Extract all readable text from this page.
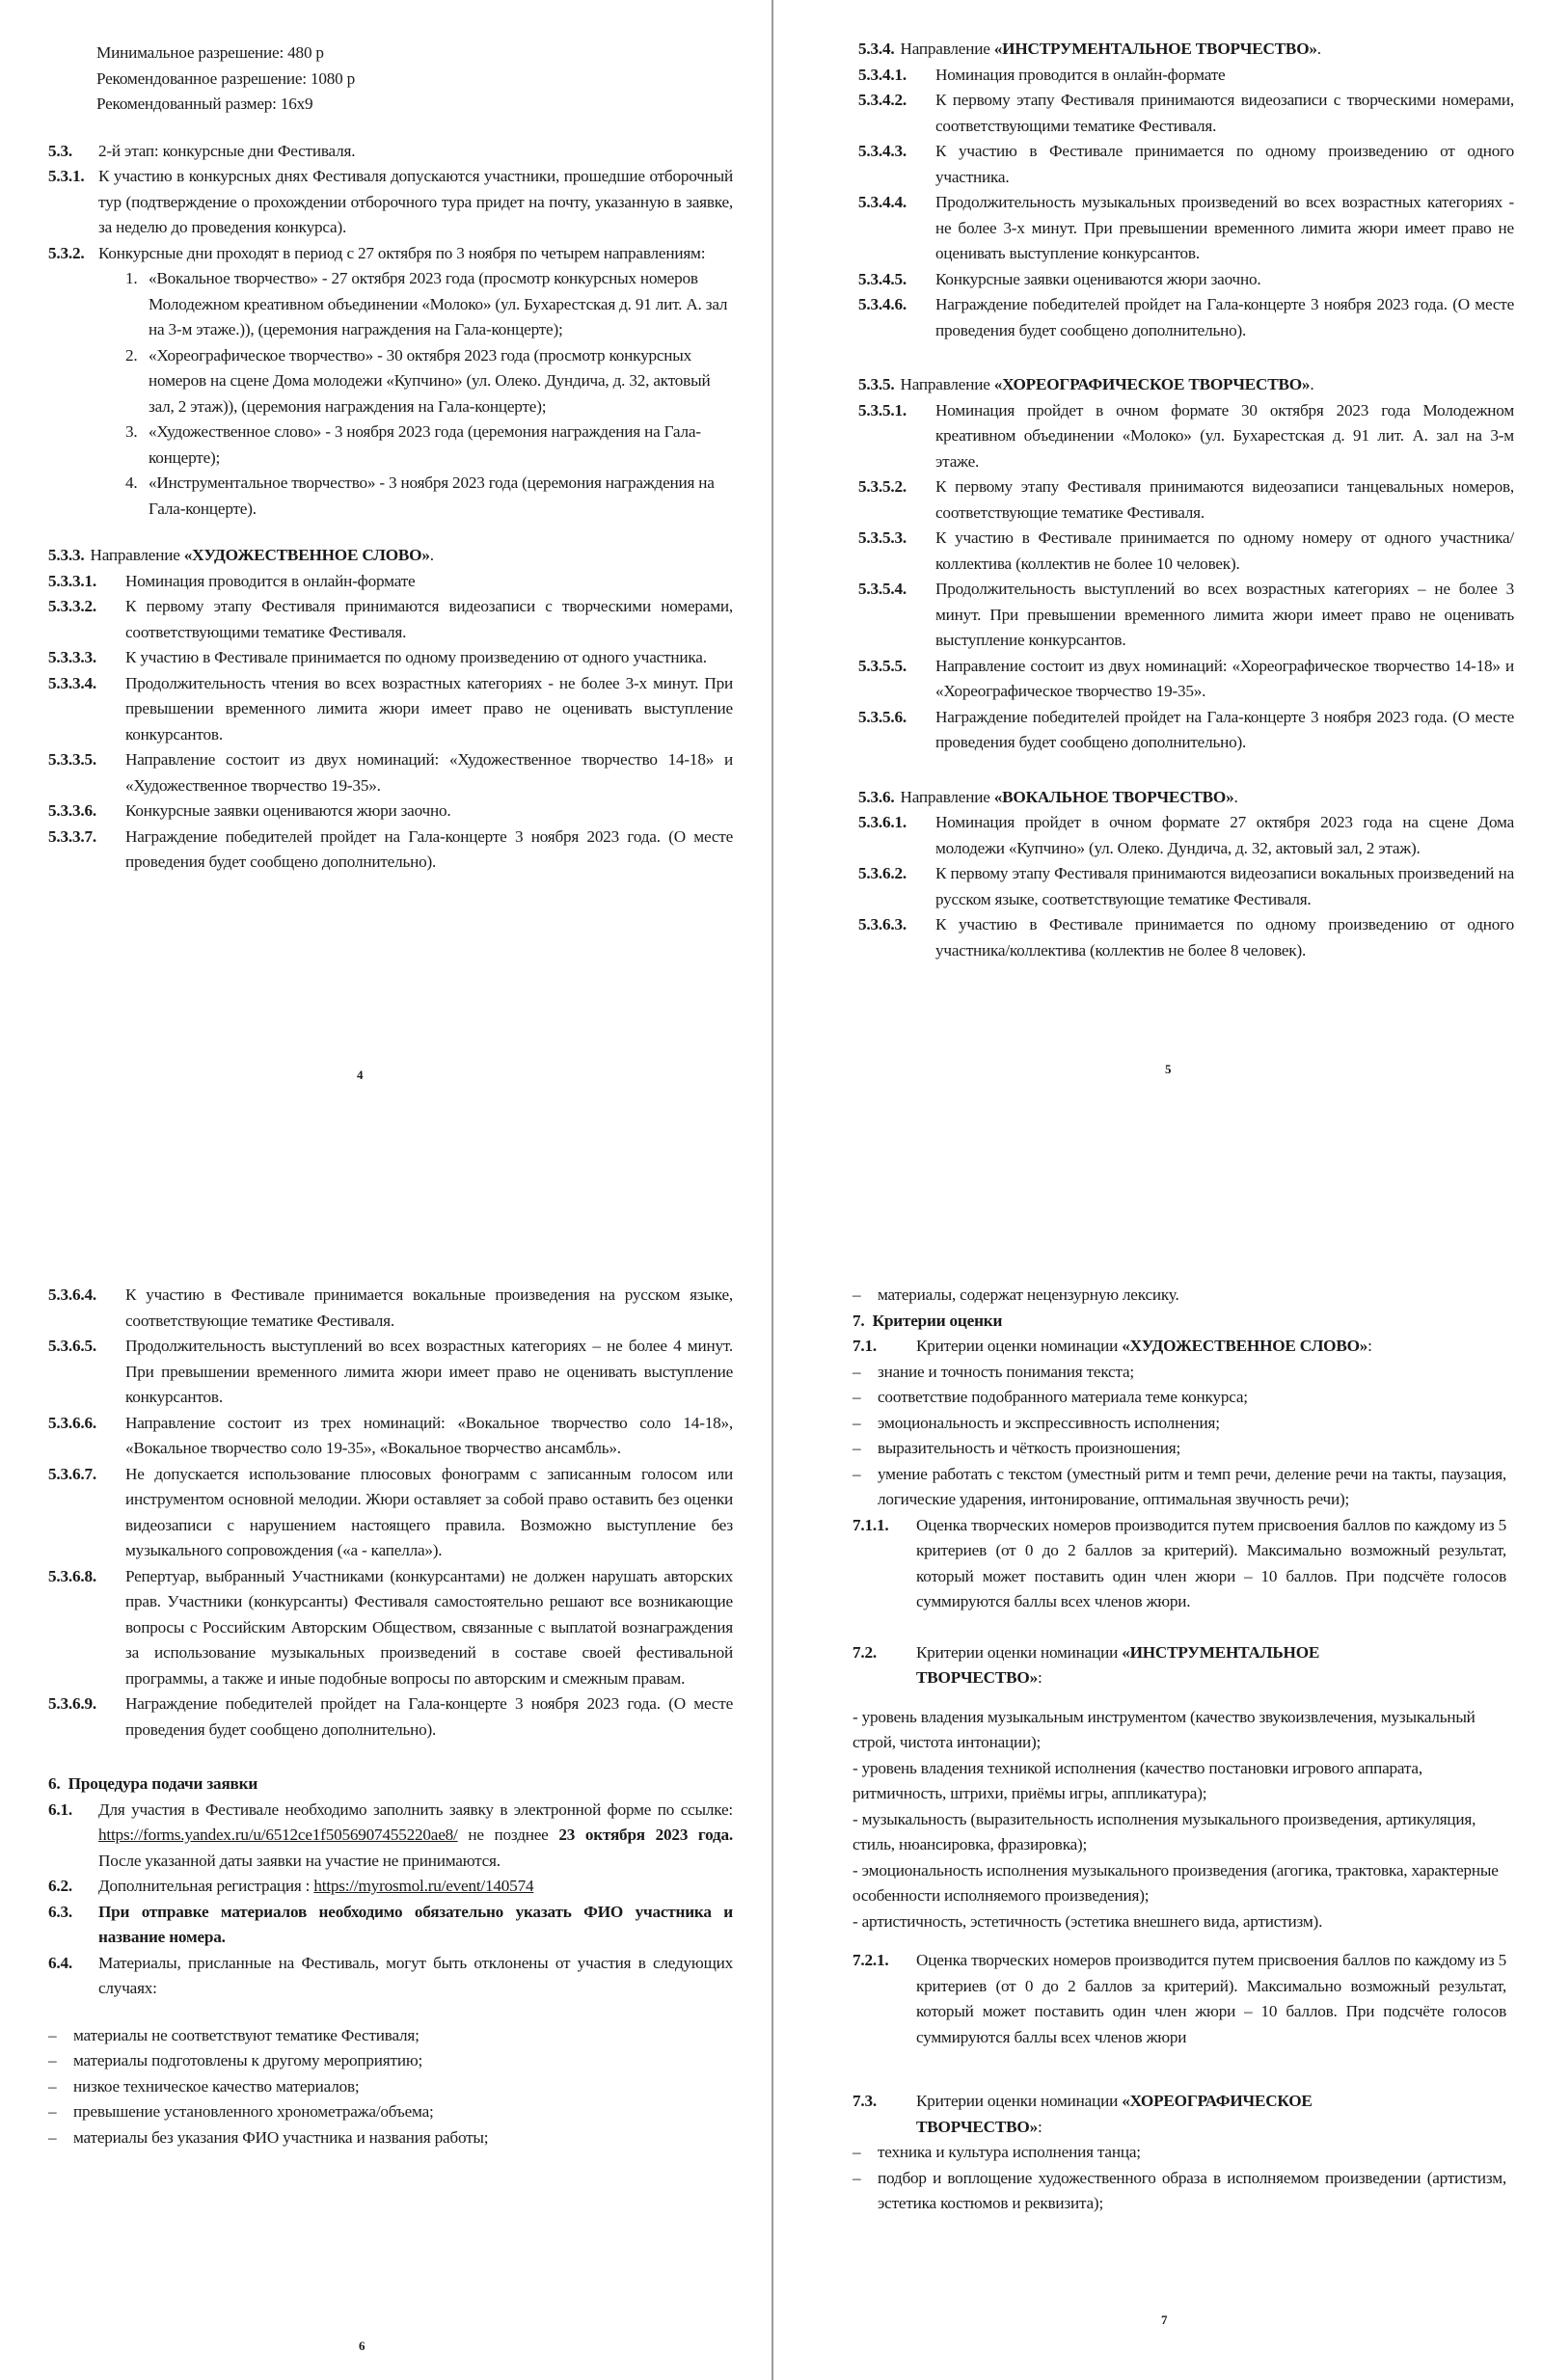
Минимальное разрешение: 480 р
Рекомендованное разрешение: 1080 р
Рекомендованный размер: 16х9
5.3.	2-й этап: конкурсные дни Фестиваля.
5.3.1. К участию в конкурсных днях Фестиваля допускаются участники, прошедшие отборочный тур (подтверждение о прохождении отборочного тура придет на почту, указанную в заявке, за неделю до проведения конкурса).
5.3.2. Конкурсные дни проходят в период с 27 октября по 3 ноября по четырем направлениям:
1. «Вокальное творчество» - 27 октября 2023 года (просмотр конкурсных номеров Молодежном креативном объединении «Молоко» (ул. Бухарестская д. 91 лит. А. зал на 3-м этаже.)), (церемония награждения на Гала-концерте);
2. «Хореографическое творчество» - 30 октября 2023 года (просмотр конкурсных номеров на сцене Дома молодежи «Купчино» (ул. Олеко. Дундича, д. 32, актовый зал, 2 этаж)), (церемония награждения на Гала-концерте);
3. «Художественное слово» - 3 ноября 2023 года (церемония награждения на Гала-концерте);
4. «Инструментальное творчество» - 3 ноября 2023 года (церемония награждения на Гала-концерте).
5.3.3. Направление «ХУДОЖЕСТВЕННОЕ СЛОВО».
5.3.3.1.	Номинация проводится в онлайн-формате
5.3.3.2.	К первому этапу Фестиваля принимаются видеозаписи с творческими номерами, соответствующими тематике Фестиваля.
5.3.3.3.	К участию в Фестивале принимается по одному произведению от одного участника.
5.3.3.4.	Продолжительность чтения во всех возрастных категориях - не более 3-х минут. При превышении временного лимита жюри имеет право не оценивать выступление конкурсантов.
5.3.3.5.	Направление состоит из двух номинаций: «Художественное творчество 14-18» и «Художественное творчество 19-35».
5.3.3.6.	Конкурсные заявки оцениваются жюри заочно.
5.3.3.7.	Награждение победителей пройдет на Гала-концерте 3 ноября 2023 года. (О месте проведения будет сообщено дополнительно).
4
5.3.4. Направление «ИНСТРУМЕНТАЛЬНОЕ ТВОРЧЕСТВО».
5.3.4.1.	Номинация проводится в онлайн-формате
5.3.4.2.	К первому этапу Фестиваля принимаются видеозаписи с творческими номерами, соответствующими тематике Фестиваля.
5.3.4.3.	К участию в Фестивале принимается по одному произведению от одного участника.
5.3.4.4.	Продолжительность музыкальных произведений во всех возрастных категориях - не более 3-х минут. При превышении временного лимита жюри имеет право не оценивать выступление конкурсантов.
5.3.4.5.	Конкурсные заявки оцениваются жюри заочно.
5.3.4.6.	Награждение победителей пройдет на Гала-концерте 3 ноября 2023 года. (О месте проведения будет сообщено дополнительно).
5.3.5. Направление «ХОРЕОГРАФИЧЕСКОЕ ТВОРЧЕСТВО».
5.3.5.1.	Номинация пройдет в очном формате 30 октября 2023 года Молодежном креативном объединении «Молоко» (ул. Бухарестская д. 91 лит. А. зал на 3-м этаже.
5.3.5.2.	К первому этапу Фестиваля принимаются видеозаписи танцевальных номеров, соответствующие тематике Фестиваля.
5.3.5.3.	К участию в Фестивале принимается по одному номеру от одного участника/коллектива (коллектив не более 10 человек).
5.3.5.4.	Продолжительность выступлений во всех возрастных категориях – не более 3 минут. При превышении временного лимита жюри имеет право не оценивать выступление конкурсантов.
5.3.5.5.	Направление состоит из двух номинаций: «Хореографическое творчество 14-18» и «Хореографическое творчество 19-35».
5.3.5.6.	Награждение победителей пройдет на Гала-концерте 3 ноября 2023 года. (О месте проведения будет сообщено дополнительно).
5.3.6. Направление «ВОКАЛЬНОЕ ТВОРЧЕСТВО».
5.3.6.1.	Номинация пройдет в очном формате 27 октября 2023 года на сцене Дома молодежи «Купчино» (ул. Олеко. Дундича, д. 32, актовый зал, 2 этаж).
5.3.6.2.	К первому этапу Фестиваля принимаются видеозаписи вокальных произведений на русском языке, соответствующие тематике Фестиваля.
5.3.6.3.	К участию в Фестивале принимается по одному произведению от одного участника/коллектива (коллектив не более 8 человек).
5
5.3.6.4.	К участию в Фестивале принимается вокальные произведения на русском языке, соответствующие тематике Фестиваля.
5.3.6.5.	Продолжительность выступлений во всех возрастных категориях – не более 4 минут. При превышении временного лимита жюри имеет право не оценивать выступление конкурсантов.
5.3.6.6.	Направление состоит из трех номинаций: «Вокальное творчество соло 14-18», «Вокальное творчество соло 19-35», «Вокальное творчество ансамбль».
5.3.6.7.	Не допускается использование плюсовых фонограмм с записанным голосом или инструментом основной мелодии. Жюри оставляет за собой право оставить без оценки видеозаписи с нарушением настоящего правила. Возможно выступление без музыкального сопровождения («а - капелла»).
5.3.6.8.	Репертуар, выбранный Участниками (конкурсантами) не должен нарушать авторских прав. Участники (конкурсанты) Фестиваля самостоятельно решают все возникающие вопросы с Российским Авторским Обществом, связанные с выплатой вознаграждения за использование музыкальных произведений в составе своей фестивальной программы, а также и иные подобные вопросы по авторским и смежным правам.
5.3.6.9.	Награждение победителей пройдет на Гала-концерте 3 ноября 2023 года. (О месте проведения будет сообщено дополнительно).
6.  Процедура подачи заявки
6.1.	Для участия в Фестивале необходимо заполнить заявку в электронной форме по ссылке: https://forms.yandex.ru/u/6512ce1f5056907455220ae8/ не позднее 23 октября 2023 года. После указанной даты заявки на участие не принимаются.
6.2.	Дополнительная регистрация : https://myrosmol.ru/event/140574
6.3.	При отправке материалов необходимо обязательно указать ФИО участника и название номера.
6.4.	Материалы, присланные на Фестиваль, могут быть отклонены от участия в следующих случаях:
–	материалы не соответствуют тематике Фестиваля;
–	материалы подготовлены к другому мероприятию;
–	низкое техническое качество материалов;
–	превышение установленного хронометража/объема;
–	материалы без указания ФИО участника и названия работы;
6
–	материалы, содержат нецензурную лексику.
7.  Критерии оценки
7.1.	Критерии оценки номинации «ХУДОЖЕСТВЕННОЕ СЛОВО»:
–	знание и точность понимания текста;
–	соответствие подобранного материала теме конкурса;
–	эмоциональность и экспрессивность исполнения;
–	выразительность и чёткость произношения;
–	умение работать с текстом (уместный ритм и темп речи, деление речи на такты, паузация, логические ударения, интонирование, оптимальная звучность речи);
7.1.1.	Оценка творческих номеров производится путем присвоения баллов по каждому из 5 критериев (от 0 до 2 баллов за критерий). Максимально возможный результат, который может поставить один член жюри – 10 баллов. При подсчёте голосов суммируются баллы всех членов жюри.
7.2.	Критерии оценки номинации «ИНСТРУМЕНТАЛЬНОЕ ТВОРЧЕСТВО»:
- уровень владения музыкальным инструментом (качество звукоизвлечения, музыкальный строй, чистота интонации);
- уровень владения техникой исполнения (качество постановки игрового аппарата, ритмичность, штрихи, приёмы игры, аппликатура);
- музыкальность (выразительность исполнения музыкального произведения, артикуляция, стиль, нюансировка, фразировка);
- эмоциональность исполнения музыкального произведения (агогика, трактовка, характерные особенности исполняемого произведения);
- артистичность, эстетичность (эстетика внешнего вида, артистизм).
7.2.1.	Оценка творческих номеров производится путем присвоения баллов по каждому из 5 критериев (от 0 до 2 баллов за критерий). Максимально возможный результат, который может поставить один член жюри – 10 баллов. При подсчёте голосов суммируются баллы всех членов жюри
7.3.	Критерии оценки номинации «ХОРЕОГРАФИЧЕСКОЕ ТВОРЧЕСТВО»:
–	техника и культура исполнения танца;
–	подбор и воплощение художественного образа в исполняемом произведении (артистизм, эстетика костюмов и реквизита);
7
